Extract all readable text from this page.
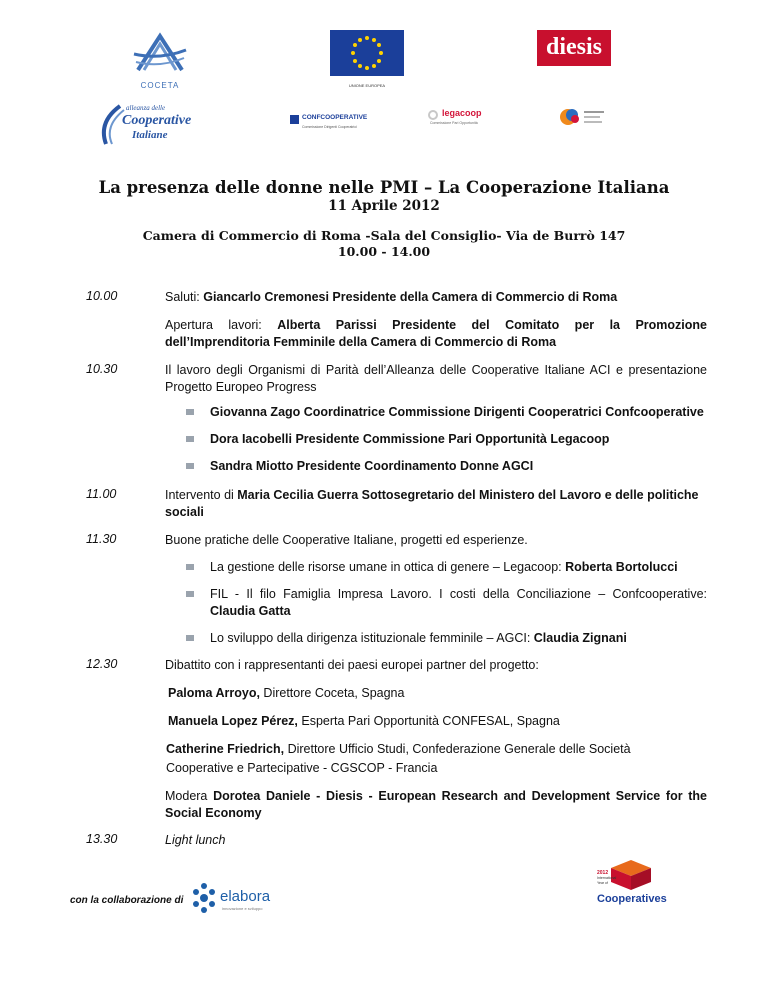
COCETA	UNIONE EUROPEA
diesis
alleanza delle
Cooperative
Italiane
CONFCOOPERATIVE
Commissione Dirigenti Cooperatrici
legacoop
Commissione Pari Opportunità
La presenza delle donne nelle PMI – La Cooperazione Italiana
11 Aprile 2012
Camera di Commercio di Roma -Sala del Consiglio- Via de Burrò 147
10.00 - 14.00
10.00	Saluti: Giancarlo Cremonesi Presidente della Camera di Commercio di Roma
Apertura lavori: Alberta Parissi Presidente del Comitato per la Promozione dell’Imprenditoria Femminile della Camera di Commercio di Roma
10.30	Il lavoro degli Organismi di Parità dell’Alleanza delle Cooperative Italiane ACI e presentazione Progetto Europeo Progress
Giovanna Zago Coordinatrice Commissione Dirigenti Cooperatrici Confcooperative
Dora Iacobelli Presidente Commissione Pari Opportunità Legacoop
Sandra Miotto Presidente Coordinamento Donne AGCI
11.00	Intervento di Maria Cecilia Guerra Sottosegretario del Ministero del Lavoro e delle politiche sociali
11.30	Buone pratiche delle Cooperative Italiane, progetti ed esperienze.
La gestione delle risorse umane in ottica di genere – Legacoop: Roberta Bortolucci
FIL - Il filo Famiglia Impresa Lavoro. I costi della Conciliazione – Confcooperative: Claudia Gatta
Lo sviluppo della dirigenza istituzionale femminile – AGCI: Claudia Zignani
12.30	Dibattito con i rappresentanti dei paesi europei partner del progetto:
Paloma Arroyo, Direttore Coceta, Spagna
Manuela Lopez Pérez, Esperta Pari Opportunità CONFESAL, Spagna
Catherine Friedrich, Direttore Ufficio Studi, Confederazione Generale delle Società Cooperative e Partecipative - CGSCOP - Francia
Modera Dorotea Daniele - Diesis - European Research and Development Service for the Social Economy
13.30	Light lunch
con la collaborazione di elabora
innovazione e sviluppo
2012
International
Year of
Cooperatives
